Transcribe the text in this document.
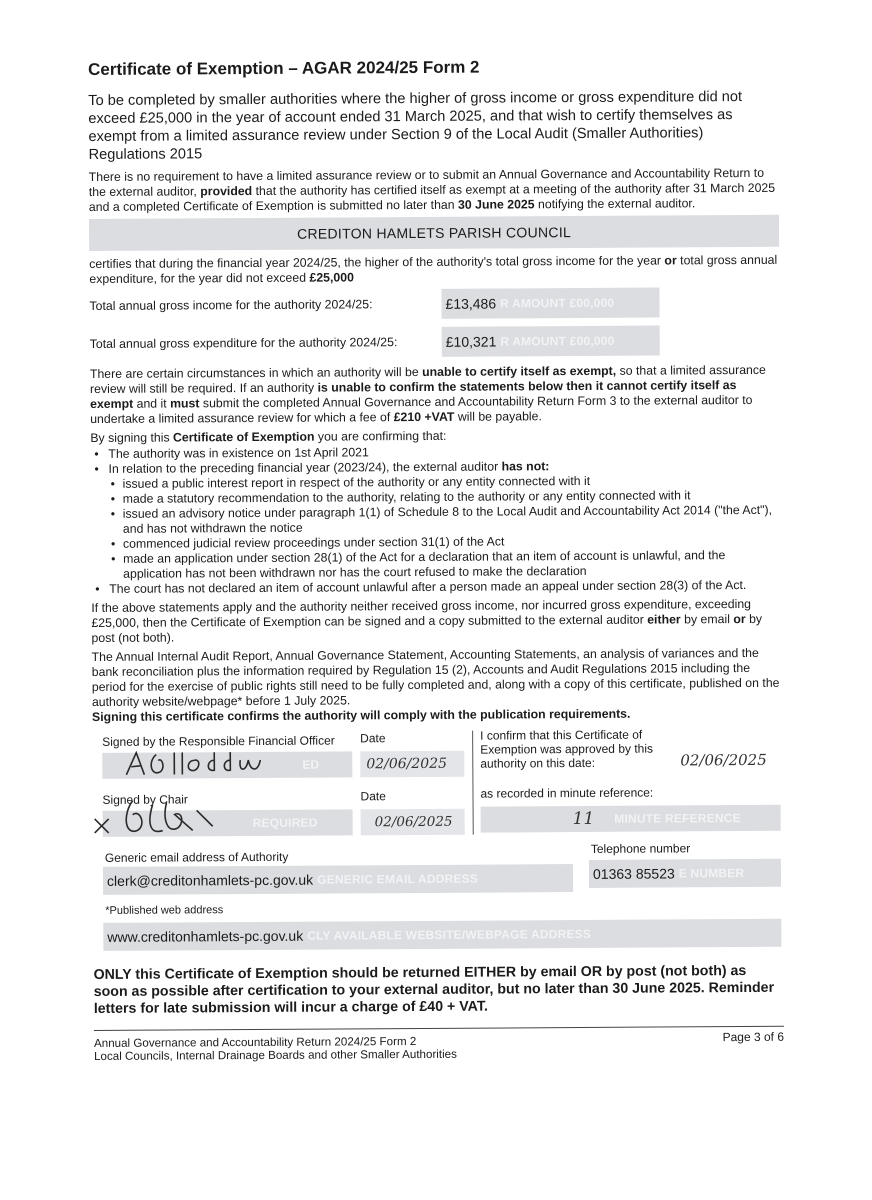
Certificate of Exemption – AGAR 2024/25 Form 2
To be completed by smaller authorities where the higher of gross income or gross expenditure did not exceed £25,000 in the year of account ended 31 March 2025, and that wish to certify themselves as exempt from a limited assurance review under Section 9 of the Local Audit (Smaller Authorities) Regulations 2015

There is no requirement to have a limited assurance review or to submit an Annual Governance and Accountability Return to the external auditor, provided that the authority has certified itself as exempt at a meeting of the authority after 31 March 2025 and a completed Certificate of Exemption is submitted no later than 30 June 2025 notifying the external auditor.

CREDITON HAMLETS PARISH COUNCIL

certifies that during the financial year 2024/25, the higher of the authority's total gross income for the year or total gross annual expenditure, for the year did not exceed £25,000

Total annual gross income for the authority 2024/25:	£13,486 R AMOUNT £00,000
Total annual gross expenditure for the authority 2024/25:	£10,321 R AMOUNT £00,000

There are certain circumstances in which an authority will be unable to certify itself as exempt, so that a limited assurance review will still be required. If an authority is unable to confirm the statements below then it cannot certify itself as exempt and it must submit the completed Annual Governance and Accountability Return Form 3 to the external auditor to undertake a limited assurance review for which a fee of £210 +VAT will be payable.

By signing this Certificate of Exemption you are confirming that:

• The authority was in existence on 1st April 2021
• In relation to the preceding financial year (2023/24), the external auditor has not:
• issued a public interest report in respect of the authority or any entity connected with it
• made a statutory recommendation to the authority, relating to the authority or any entity connected with it
• issued an advisory notice under paragraph 1(1) of Schedule 8 to the Local Audit and Accountability Act 2014 ("the Act"), and has not withdrawn the notice
• commenced judicial review proceedings under section 31(1) of the Act
• made an application under section 28(1) of the Act for a declaration that an item of account is unlawful, and the application has not been withdrawn nor has the court refused to make the declaration
• The court has not declared an item of account unlawful after a person made an appeal under section 28(3) of the Act.

If the above statements apply and the authority neither received gross income, nor incurred gross expenditure, exceeding £25,000, then the Certificate of Exemption can be signed and a copy submitted to the external auditor either by email or by post (not both).

The Annual Internal Audit Report, Annual Governance Statement, Accounting Statements, an analysis of variances and the bank reconciliation plus the information required by Regulation 15 (2), Accounts and Audit Regulations 2015 including the period for the exercise of public rights still need to be fully completed and, along with a copy of this certificate, published on the authority website/webpage* before 1 July 2025.
Signing this certificate confirms the authority will comply with the publication requirements.

Signed by the Responsible Financial Officer
ED
Date
02/06/2025
I confirm that this Certificate of Exemption was approved by this authority on this date:	02/06/2025
Signed by Chair
REQUIRED
Date
02/06/2025
as recorded in minute reference:
11 MINUTE REFERENCE
Generic email address of Authority
clerk@creditonhamlets-pc.gov.uk GENERIC EMAIL ADDRESS
Telephone number
01363 85523 E NUMBER
*Published web address
www.creditonhamlets-pc.gov.uk CLY AVAILABLE WEBSITE/WEBPAGE ADDRESS
ONLY this Certificate of Exemption should be returned EITHER by email OR by post (not both) as soon as possible after certification to your external auditor, but no later than 30 June 2025. Reminder letters for late submission will incur a charge of £40 + VAT.
Annual Governance and Accountability Return 2024/25 Form 2
Local Councils, Internal Drainage Boards and other Smaller Authorities
Page 3 of 6
